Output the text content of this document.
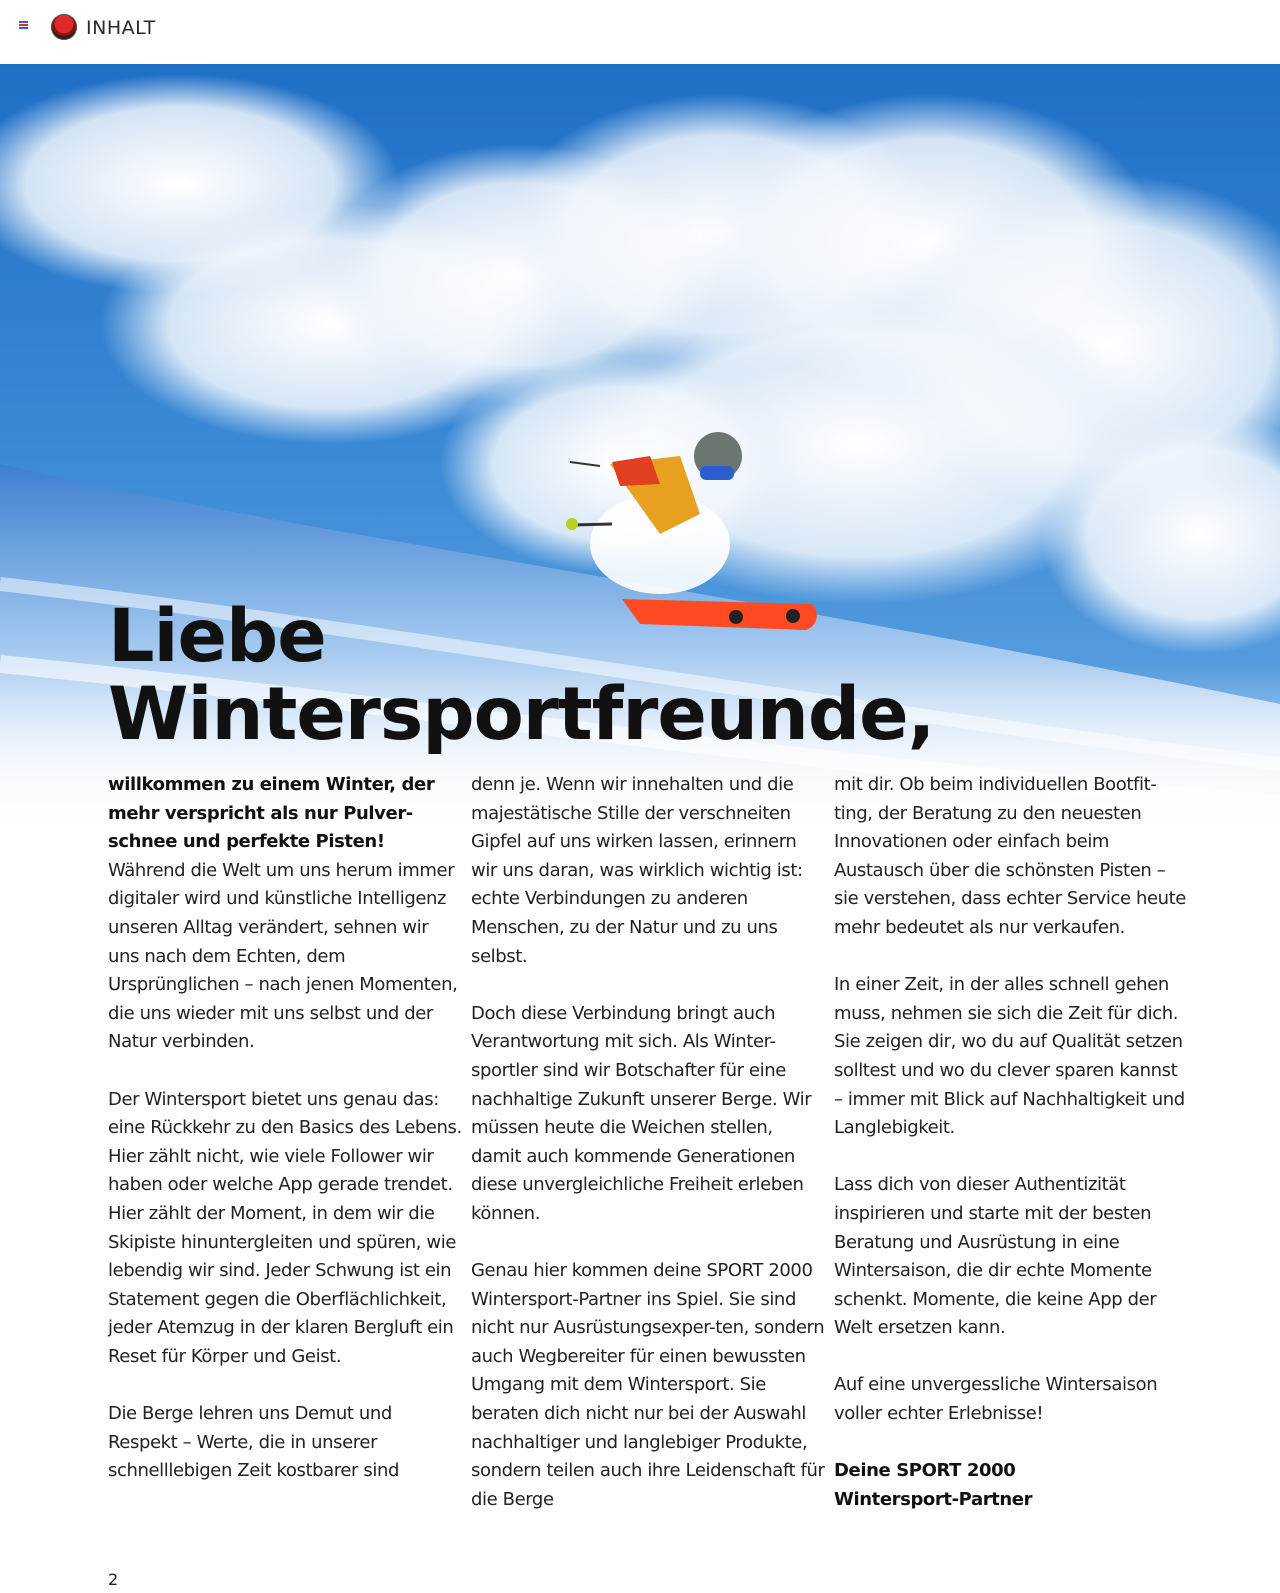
INHALT
Liebe
Wintersportfreunde,

willkommen zu einem Winter, der mehr verspricht als nur Pulver-schnee und perfekte Pisten!

Während die Welt um uns herum immer digitaler wird und künstliche Intelligenz unseren Alltag verändert, sehnen wir uns nach dem Echten, dem Ursprünglichen – nach jenen Momenten, die uns wieder mit uns selbst und der Natur verbinden.

Der Wintersport bietet uns genau das: eine Rückkehr zu den Basics des Lebens. Hier zählt nicht, wie viele Follower wir haben oder welche App gerade trendet. Hier zählt der Moment, in dem wir die Skipiste hinuntergleiten und spüren, wie lebendig wir sind. Jeder Schwung ist ein Statement gegen die Oberflächlichkeit, jeder Atemzug in der klaren Bergluft ein Reset für Körper und Geist.

Die Berge lehren uns Demut und Respekt – Werte, die in unserer schnelllebigen Zeit kostbarer sind

denn je. Wenn wir innehalten und die majestätische Stille der verschneiten Gipfel auf uns wirken lassen, erinnern wir uns daran, was wirklich wichtig ist: echte Verbindungen zu anderen Menschen, zu der Natur und zu uns selbst.

Doch diese Verbindung bringt auch Verantwortung mit sich. Als Winter-sportler sind wir Botschafter für eine nachhaltige Zukunft unserer Berge. Wir müssen heute die Weichen stellen, damit auch kommende Generationen diese unvergleichliche Freiheit erleben können.

Genau hier kommen deine SPORT 2000 Wintersport-Partner ins Spiel. Sie sind nicht nur Ausrüstungsexper-ten, sondern auch Wegbereiter für einen bewussten Umgang mit dem Wintersport. Sie beraten dich nicht nur bei der Auswahl nachhaltiger und langlebiger Produkte, sondern teilen auch ihre Leidenschaft für die Berge

mit dir. Ob beim individuellen Bootfit-ting, der Beratung zu den neuesten Innovationen oder einfach beim Austausch über die schönsten Pisten – sie verstehen, dass echter Service heute mehr bedeutet als nur verkaufen.

In einer Zeit, in der alles schnell gehen muss, nehmen sie sich die Zeit für dich. Sie zeigen dir, wo du auf Qualität setzen solltest und wo du clever sparen kannst – immer mit Blick auf Nachhaltigkeit und Langlebigkeit.

Lass dich von dieser Authentizität inspirieren und starte mit der besten Beratung und Ausrüstung in eine Wintersaison, die dir echte Momente schenkt. Momente, die keine App der Welt ersetzen kann.

Auf eine unvergessliche Wintersaison voller echter Erlebnisse!

Deine SPORT 2000
Wintersport-Partner

2
